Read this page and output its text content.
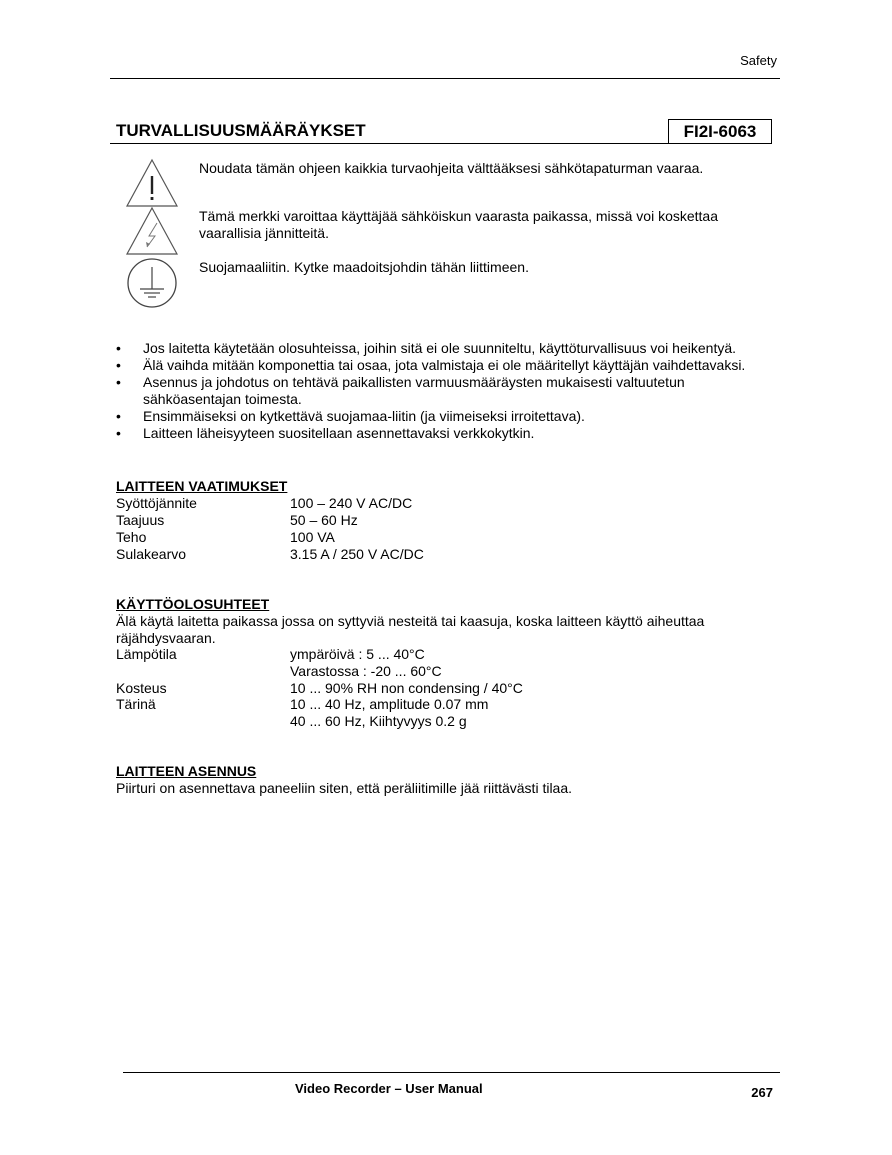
Safety
TURVALLISUUSMÄÄRÄYKSET	FI2I-6063
Noudata tämän ohjeen kaikkia turvaohjeita välttääksesi sähkötapaturman vaaraa.
Tämä merkki varoittaa käyttäjää sähköiskun vaarasta paikassa, missä voi koskettaa vaarallisia jännitteitä.
Suojamaaliitin. Kytke maadoitsjohdin tähän liittimeen.
• Jos laitetta käytetään olosuhteissa, joihin sitä ei ole suunniteltu, käyttöturvallisuus voi heikentyä.
• Älä vaihda mitään komponettia tai osaa, jota valmistaja ei ole määritellyt käyttäjän vaihdettavaksi.
• Asennus ja johdotus on tehtävä paikallisten varmuusmääräysten mukaisesti valtuutetun sähköasentajan toimesta.
• Ensimmäiseksi on kytkettävä suojamaa-liitin (ja viimeiseksi irroitettava).
• Laitteen läheisyyteen suositellaan asennettavaksi verkkokytkin.
LAITTEEN VAATIMUKSET
Syöttöjännite	100 – 240 V AC/DC
Taajuus	50 – 60 Hz
Teho	100 VA
Sulakearvo	3.15 A / 250 V AC/DC
KÄYTTÖOLOSUHTEET
Älä käytä laitetta paikassa jossa on syttyviä nesteitä tai kaasuja, koska laitteen käyttö aiheuttaa räjähdysvaaran.
Lämpötila	ympäröivä : 5 ... 40°C
Varastossa : -20 ... 60°C
Kosteus	10 ... 90% RH non condensing / 40°C
Tärinä	10 ... 40 Hz, amplitude 0.07 mm
40 ... 60 Hz, Kiihtyvyys 0.2 g
LAITTEEN ASENNUS
Piirturi on asennettava paneeliin siten, että peräliitimille jää riittävästi tilaa.
Video Recorder – User Manual	267
